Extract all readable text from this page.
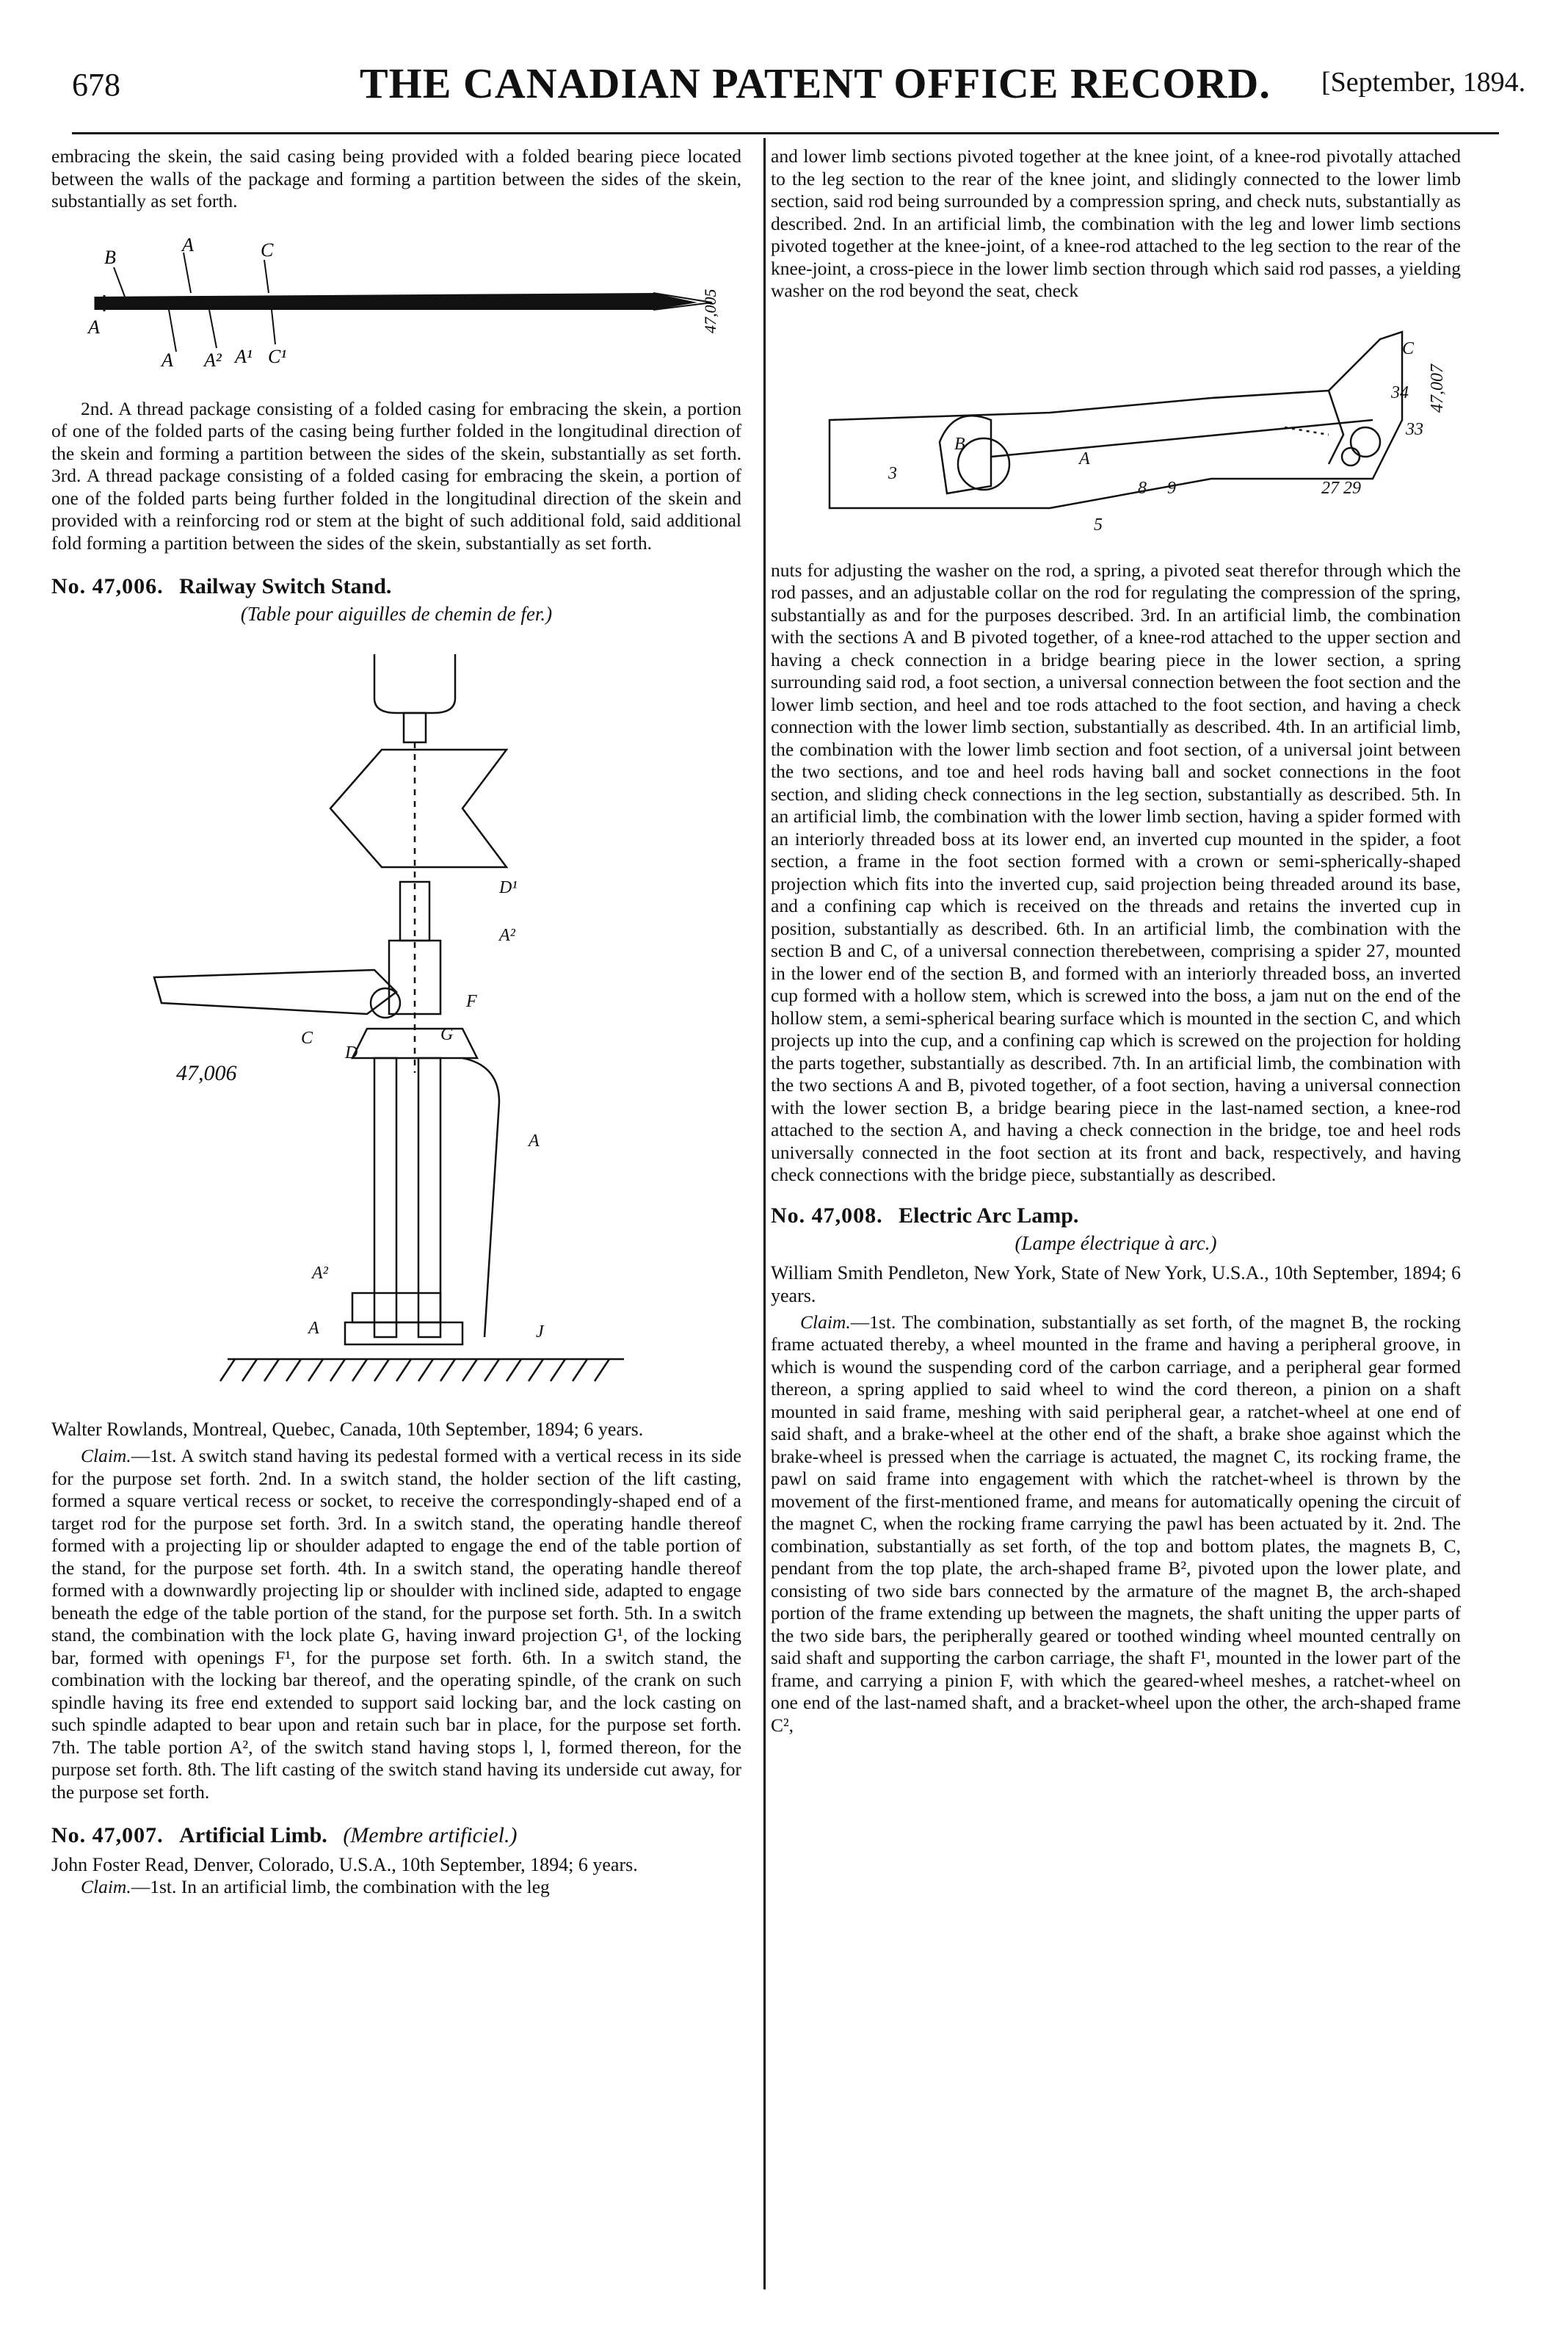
678	THE CANADIAN PATENT OFFICE RECORD. [September, 1894.

embracing the skein, the said casing being provided with a folded bearing piece located between the walls of the package and forming a partition between the sides of the skein, substantially as set forth.

B
A
A	C
A A² A¹ C¹
47,005

2nd. A thread package consisting of a folded casing for embracing the skein, a portion of one of the folded parts of the casing being further folded in the longitudinal direction of the skein and forming a partition between the sides of the skein, substantially as set forth. 3rd. A thread package consisting of a folded casing for embracing the skein, a portion of one of the folded parts being further folded in the longitudinal direction of the skein and provided with a reinforcing rod or stem at the bight of such additional fold, said additional fold forming a partition between the sides of the skein, substantially as set forth.

No. 47,006. Railway Switch Stand.
(Table pour aiguilles de chemin de fer.)
D¹
A²
C
D
G
F
47,006
A
A²
A	J

Walter Rowlands, Montreal, Quebec, Canada, 10th September, 1894; 6 years.

Claim.—1st. A switch stand having its pedestal formed with a vertical recess in its side for the purpose set forth. 2nd. In a switch stand, the holder section of the lift casting, formed a square vertical recess or socket, to receive the correspondingly-shaped end of a target rod for the purpose set forth. 3rd. In a switch stand, the operating handle thereof formed with a projecting lip or shoulder adapted to engage the end of the table portion of the stand, for the purpose set forth. 4th. In a switch stand, the operating handle thereof formed with a downwardly projecting lip or shoulder with inclined side, adapted to engage beneath the edge of the table portion of the stand, for the purpose set forth. 5th. In a switch stand, the combination with the lock plate G, having inward projection G¹, of the locking bar, formed with openings F¹, for the purpose set forth. 6th. In a switch stand, the combination with the locking bar thereof, and the operating spindle, of the crank on such spindle having its free end extended to support said locking bar, and the lock casting on such spindle adapted to bear upon and retain such bar in place, for the purpose set forth. 7th. The table portion A², of the switch stand having stops l, l, formed thereon, for the purpose set forth. 8th. The lift casting of the switch stand having its underside cut away, for the purpose set forth.

No. 47,007. Artificial Limb. (Membre artificiel.)

John Foster Read, Denver, Colorado, U.S.A., 10th September, 1894; 6 years.

Claim.—1st. In an artificial limb, the combination with the leg

and lower limb sections pivoted together at the knee joint, of a knee-rod pivotally attached to the leg section to the rear of the knee joint, and slidingly connected to the lower limb section, said rod being surrounded by a compression spring, and check nuts, substantially as described. 2nd. In an artificial limb, the combination with the leg and lower limb sections pivoted together at the knee-joint, of a knee-rod attached to the leg section to the rear of the knee-joint, a cross-piece in the lower limb section through which said rod passes, a yielding washer on the rod beyond the seat, check

47,007
A
B
C
34
33
29
27
9
8
5
3

nuts for adjusting the washer on the rod, a spring, a pivoted seat therefor through which the rod passes, and an adjustable collar on the rod for regulating the compression of the spring, substantially as and for the purposes described. 3rd. In an artificial limb, the combination with the sections A and B pivoted together, of a knee-rod attached to the upper section and having a check connection in a bridge bearing piece in the lower section, a spring surrounding said rod, a foot section, a universal connection between the foot section and the lower limb section, and heel and toe rods attached to the foot section, and having a check connection with the lower limb section, substantially as described. 4th. In an artificial limb, the combination with the lower limb section and foot section, of a universal joint between the two sections, and toe and heel rods having ball and socket connections in the foot section, and sliding check connections in the leg section, substantially as described. 5th. In an artificial limb, the combination with the lower limb section, having a spider formed with an interiorly threaded boss at its lower end, an inverted cup mounted in the spider, a foot section, a frame in the foot section formed with a crown or semi-spherically-shaped projection which fits into the inverted cup, said projection being threaded around its base, and a confining cap which is received on the threads and retains the inverted cup in position, substantially as described. 6th. In an artificial limb, the combination with the section B and C, of a universal connection therebetween, comprising a spider 27, mounted in the lower end of the section B, and formed with an interiorly threaded boss, an inverted cup formed with a hollow stem, which is screwed into the boss, a jam nut on the end of the hollow stem, a semi-spherical bearing surface which is mounted in the section C, and which projects up into the cup, and a confining cap which is screwed on the projection for holding the parts together, substantially as described. 7th. In an artificial limb, the combination with the two sections A and B, pivoted together, of a foot section, having a universal connection with the lower section B, a bridge bearing piece in the last-named section, a knee-rod attached to the section A, and having a check connection in the bridge, toe and heel rods universally connected in the foot section at its front and back, respectively, and having check connections with the bridge piece, substantially as described.

No. 47,008. Electric Arc Lamp.
(Lampe électrique à arc.)

William Smith Pendleton, New York, State of New York, U.S.A., 10th September, 1894; 6 years.

Claim.—1st. The combination, substantially as set forth, of the magnet B, the rocking frame actuated thereby, a wheel mounted in the frame and having a peripheral groove, in which is wound the suspending cord of the carbon carriage, and a peripheral gear formed thereon, a spring applied to said wheel to wind the cord thereon, a pinion on a shaft mounted in said frame, meshing with said peripheral gear, a ratchet-wheel at one end of said shaft, and a brake-wheel at the other end of the shaft, a brake shoe against which the brake-wheel is pressed when the carriage is actuated, the magnet C, its rocking frame, the pawl on said frame into engagement with which the ratchet-wheel is thrown by the movement of the first-mentioned frame, and means for automatically opening the circuit of the magnet C, when the rocking frame carrying the pawl has been actuated by it. 2nd. The combination, substantially as set forth, of the top and bottom plates, the magnets B, C, pendant from the top plate, the arch-shaped frame B², pivoted upon the lower plate, and consisting of two side bars connected by the armature of the magnet B, the arch-shaped portion of the frame extending up between the magnets, the shaft uniting the upper parts of the two side bars, the peripherally geared or toothed winding wheel mounted centrally on said shaft and supporting the carbon carriage, the shaft F¹, mounted in the lower part of the frame, and carrying a pinion F, with which the geared-wheel meshes, a ratchet-wheel on one end of the last-named shaft, and a bracket-wheel upon the other, the arch-shaped frame C²,
